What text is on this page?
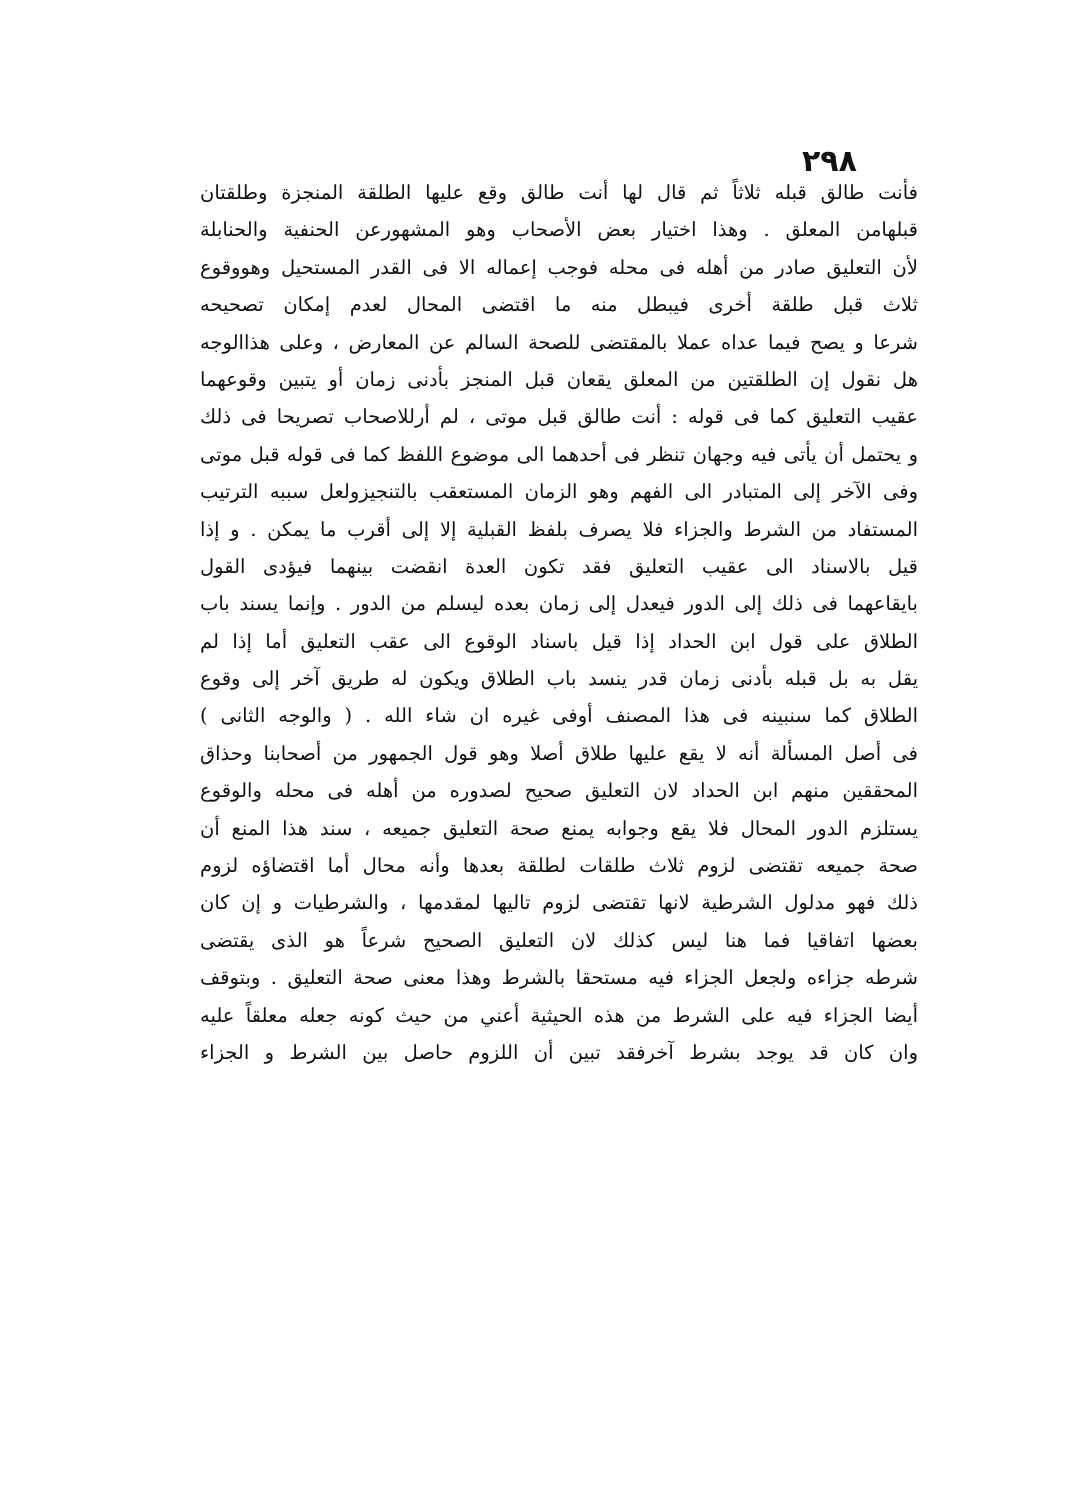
٢٩٨
فأنت طالق قبله ثلاثاً ثم قال لها أنت طالق وقع عليها الطلقة المنجزة وطلقتان
قبلهامن المعلق . وهذا اختيار بعض الأصحاب وهو المشهورعن الحنفية والحنابلة
لأن التعليق صادر من أهله فى محله فوجب إعماله الا فى القدر المستحيل وهووقوع
ثلاث قبل طلقة أخرى فيبطل منه ما اقتضى المحال لعدم إمكان تصحيحه
شرعا و يصح فيما عداه عملا بالمقتضى للصحة السالم عن المعارض ، وعلى هذاالوجه
هل نقول إن الطلقتين من المعلق يقعان قبل المنجز بأدنى زمان أو يتبين وقوعهما
عقيب التعليق كما فى قوله : أنت طالق قبل موتى ، لم أرللاصحاب تصريحا فى ذلك
و يحتمل أن يأتى فيه وجهان تنظر فى أحدهما الى موضوع اللفظ كما فى قوله قبل موتى
وفى الآخر إلى المتبادر الى الفهم وهو الزمان المستعقب بالتنجيزولعل سببه الترتيب
المستفاد من الشرط والجزاء فلا يصرف بلفظ القبلية إلا إلى أقرب ما يمكن . و إذا
قيل بالاسناد الى عقيب التعليق فقد تكون العدة انقضت بينهما فيؤدى القول
بايقاعهما فى ذلك إلى الدور فيعدل إلى زمان بعده ليسلم من الدور . وإنما يسند باب
الطلاق على قول ابن الحداد إذا قيل باسناد الوقوع الى عقب التعليق أما إذا لم
يقل به بل قبله بأدنى زمان قدر ينسد باب الطلاق ويكون له طريق آخر إلى وقوع
الطلاق كما سنبينه فى هذا المصنف أوفى غيره ان شاء الله . ( والوجه الثانى )
فى أصل المسألة أنه لا يقع عليها طلاق أصلا وهو قول الجمهور من أصحابنا وحذاق
المحققين منهم ابن الحداد لان التعليق صحيح لصدوره من أهله فى محله والوقوع
يستلزم الدور المحال فلا يقع وجوابه يمنع صحة التعليق جميعه ، سند هذا المنع أن
صحة جميعه تقتضى لزوم ثلاث طلقات لطلقة بعدها وأنه محال أما اقتضاؤه لزوم
ذلك فهو مدلول الشرطية لانها تقتضى لزوم تاليها لمقدمها ، والشرطيات و إن كان
بعضها اتفاقيا فما هنا ليس كذلك لان التعليق الصحيح شرعاً هو الذى يقتضى
شرطه جزاءه ولجعل الجزاء فيه مستحقا بالشرط وهذا معنى صحة التعليق . وبتوقف
أيضا الجزاء فيه على الشرط من هذه الحيثية أعني من حيث كونه جعله معلقاً عليه
وان كان قد يوجد بشرط آخرفقد تبين أن اللزوم حاصل بين الشرط و الجزاء
